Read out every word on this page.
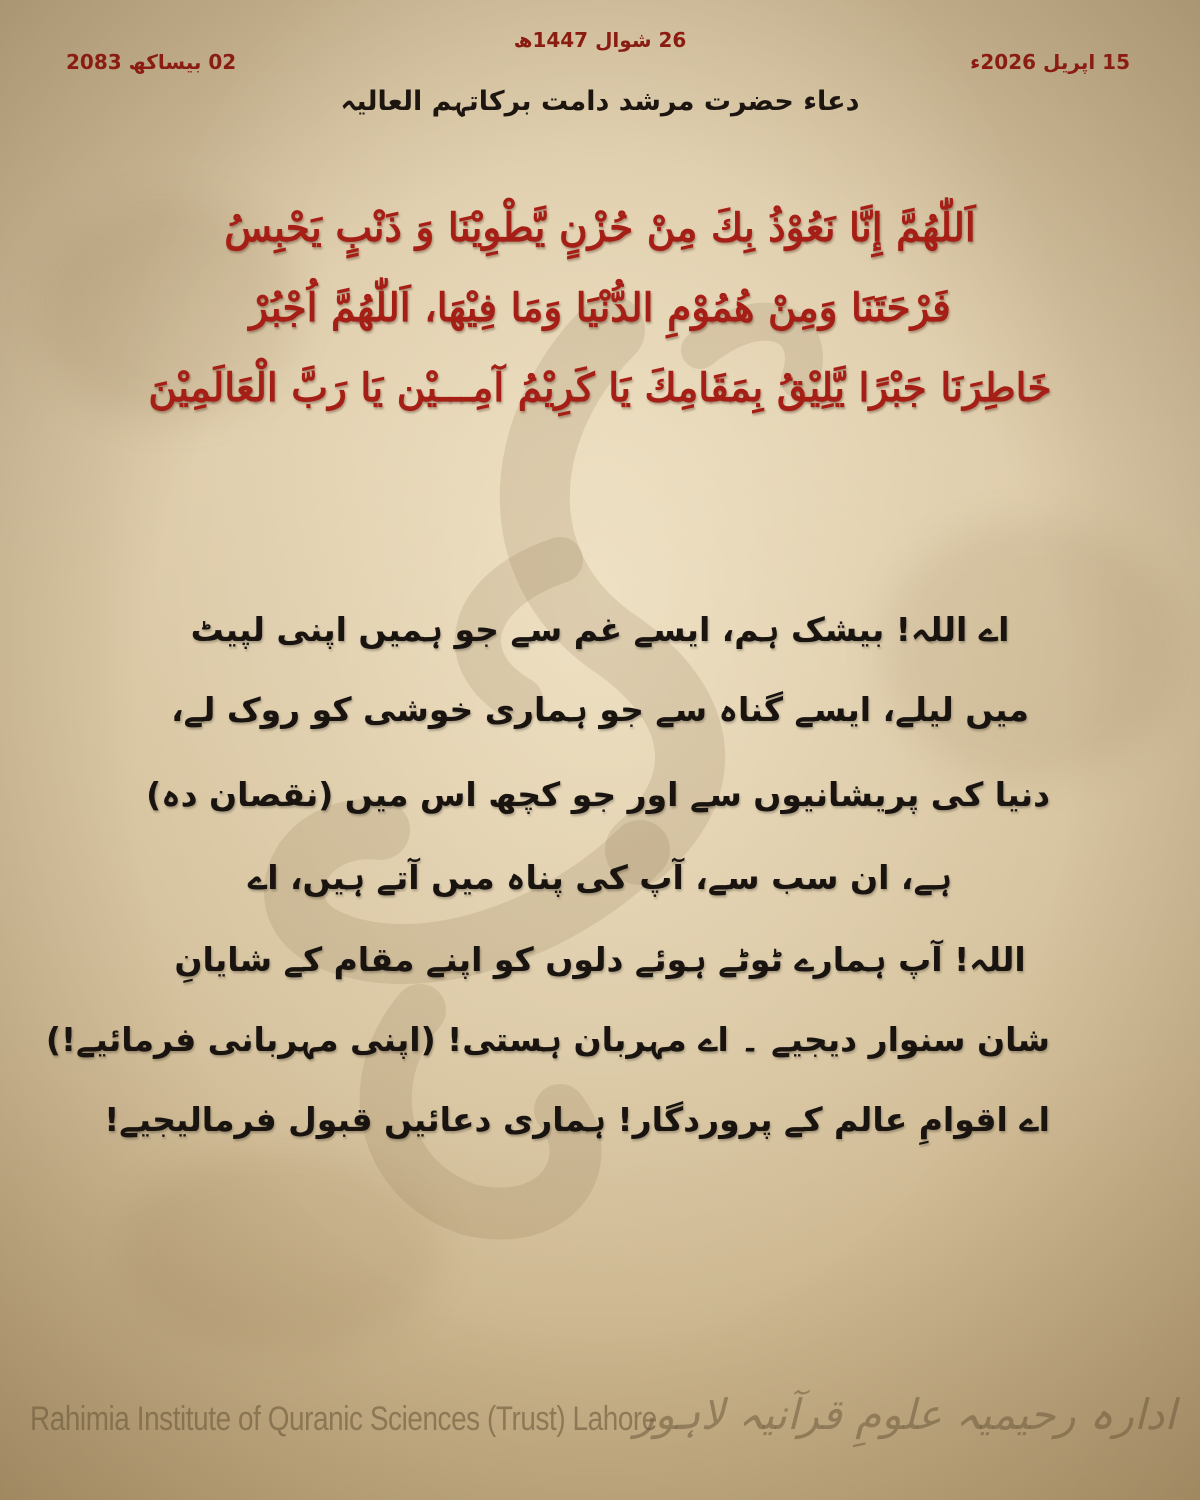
26 شوال 1447ھ
15 اپریل 2026ء
02 بیساکھ 2083
دعاء حضرت مرشد دامت برکاتہم العالیہ
اَللّٰهُمَّ إِنَّا نَعُوْذُ بِكَ مِنْ حُزْنٍ يَّطْوِيْنَا وَ ذَنْبٍ يَحْبِسُ
فَرْحَتَنَا وَمِنْ هُمُوْمِ الدُّنْيَا وَمَا فِيْهَا، اَللّٰهُمَّ اُجْبُرْ
خَاطِرَنَا جَبْرًا يَّلِيْقُ بِمَقَامِكَ يَا كَرِيْمُ آمِـــيْن يَا رَبَّ الْعَالَمِيْنَ
اے اللہ! بیشک ہم، ایسے غم سے جو ہمیں اپنی لپیٹ
میں لیلے، ایسے گناہ سے جو ہماری خوشی کو روک لے،
دنیا کی پریشانیوں سے اور جو کچھ اس میں (نقصان دہ)
ہے، ان سب سے، آپ کی پناہ میں آتے ہیں، اے
اللہ! آپ ہمارے ٹوٹے ہوئے دلوں کو اپنے مقام کے شایانِ
شان سنوار دیجیے ۔ اے مہربان ہستی! (اپنی مہربانی فرمائیے!)
اے اقوامِ عالم کے پروردگار! ہماری دعائیں قبول فرمالیجیے!
Rahimia Institute of Quranic Sciences (Trust) Lahore
ادارہ رحیمیہ علومِ قرآنیہ لاہور
